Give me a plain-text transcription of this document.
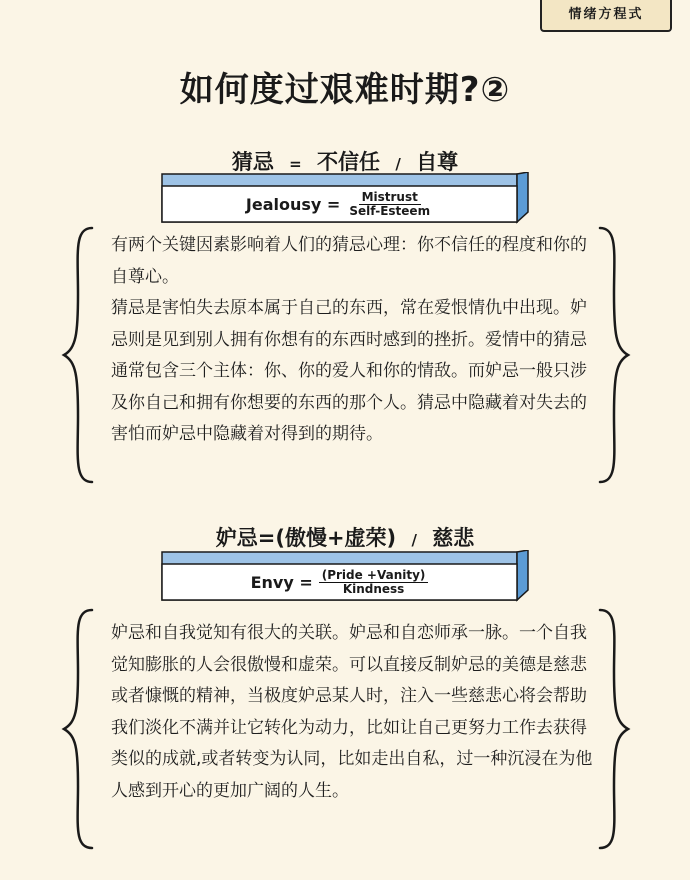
情绪方程式
如何度过艰难时期?②
猜忌 = 不信任 / 自尊
Jealousy = $\frac{\text{Mistrust}}{\text{Self-Esteem}}$

有两个关键因素影响着人们的猜忌心理：你不信任的程度和你的自尊心。

猜忌是害怕失去原本属于自己的东西，常在爱恨情仇中出现。妒忌则是见到别人拥有你想有的东西时感到的挫折。爱情中的猜忌通常包含三个主体：你、你的爱人和你的情敌。而妒忌一般只涉及你自己和拥有你想要的东西的那个人。猜忌中隐藏着对失去的害怕而妒忌中隐藏着对得到的期待。

妒忌=(傲慢+虚荣) / 慈悲
Envy = $\frac{\text{(Pride +Vanity)}}{\text{Kindness}}$

妒忌和自我觉知有很大的关联。妒忌和自恋师承一脉。一个自我觉知膨胀的人会很傲慢和虚荣。可以直接反制妒忌的美德是慈悲或者慷慨的精神，当极度妒忌某人时，注入一些慈悲心将会帮助我们淡化不满并让它转化为动力，比如让自己更努力工作去获得类似的成就,或者转变为认同，比如走出自私，过一种沉浸在为他人感到开心的更加广阔的人生。
